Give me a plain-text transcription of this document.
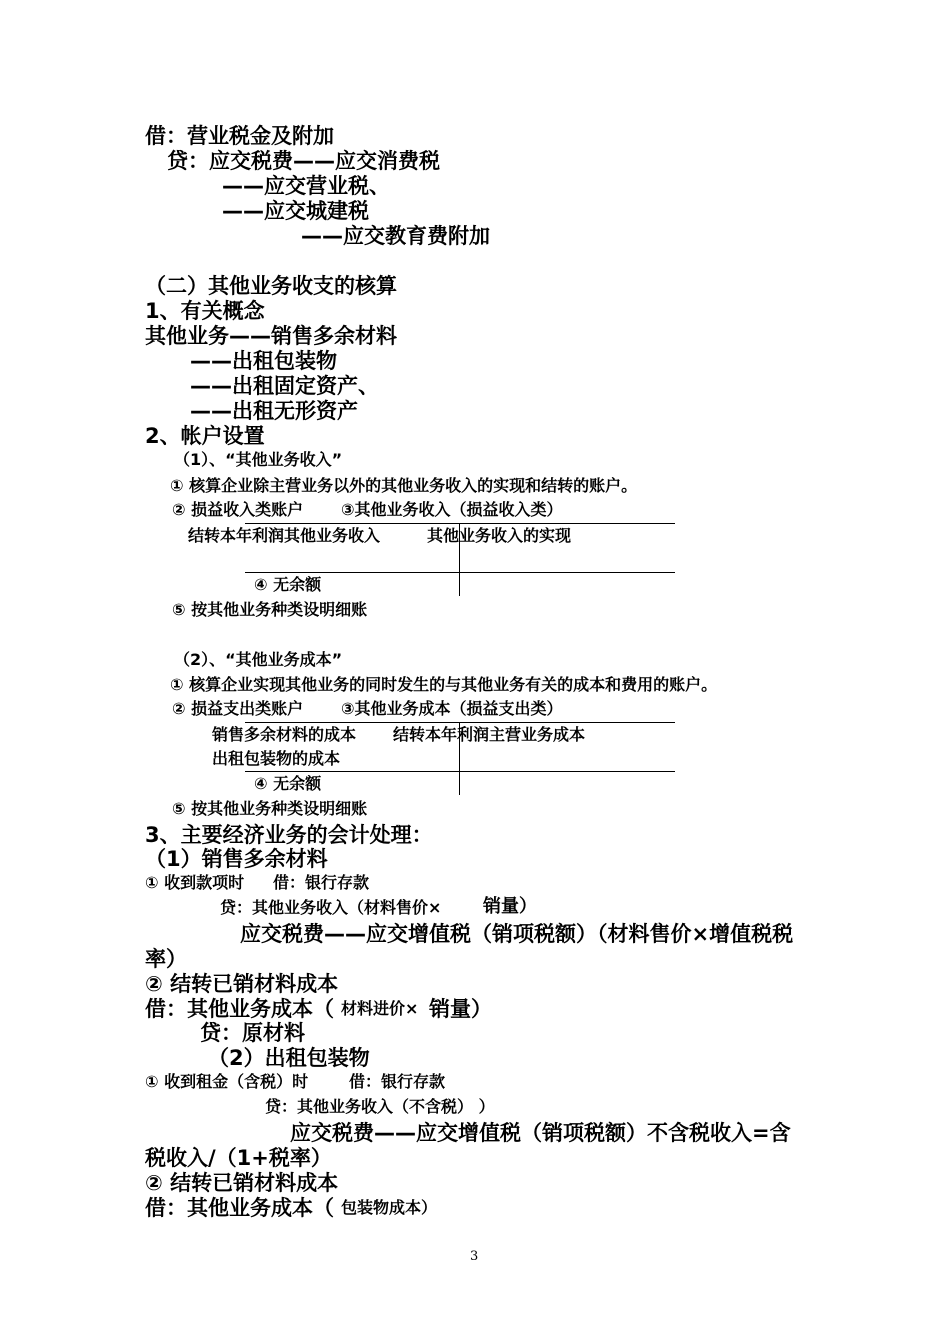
借：营业税金及附加
贷：应交税费——应交消费税
——应交营业税、
——应交城建税
——应交教育费附加
（二）其他业务收支的核算
1、有关概念
其他业务——销售多余材料
——出租包装物
——出租固定资产、
——出租无形资产
2、帐户设置
（1）、“其他业务收入”
① 核算企业除主营业务以外的其他业务收入的实现和结转的账户。
② 损益收入类账户 ③其他业务收入（损益收入类）
结转本年利润其他业务收入	其他业务收入的实现
④ 无余额
⑤ 按其他业务种类设明细账
（2）、“其他业务成本”
① 核算企业实现其他业务的同时发生的与其他业务有关的成本和费用的账户。
② 损益支出类账户 ③其他业务成本（损益支出类）
销售多余材料的成本 结转本年利润主营业务成本
出租包装物的成本
④ 无余额
⑤ 按其他业务种类设明细账
3、主要经济业务的会计处理：
（1）销售多余材料
① 收到款项时 借：银行存款
贷：其他业务收入（材料售价× 销量）
应交税费——应交增值税（销项税额）（材料售价×增值税税
率）
② 结转已销材料成本
借：其他业务成本（ 材料进价× 销量）
贷：原材料
（2）出租包装物
① 收到租金（含税）时	借：银行存款
贷：其他业务收入（不含税） ）
应交税费——应交增值税（销项税额）不含税收入=含
税收入/（1+税率）
② 结转已销材料成本
借：其他业务成本（ 包装物成本）
3
